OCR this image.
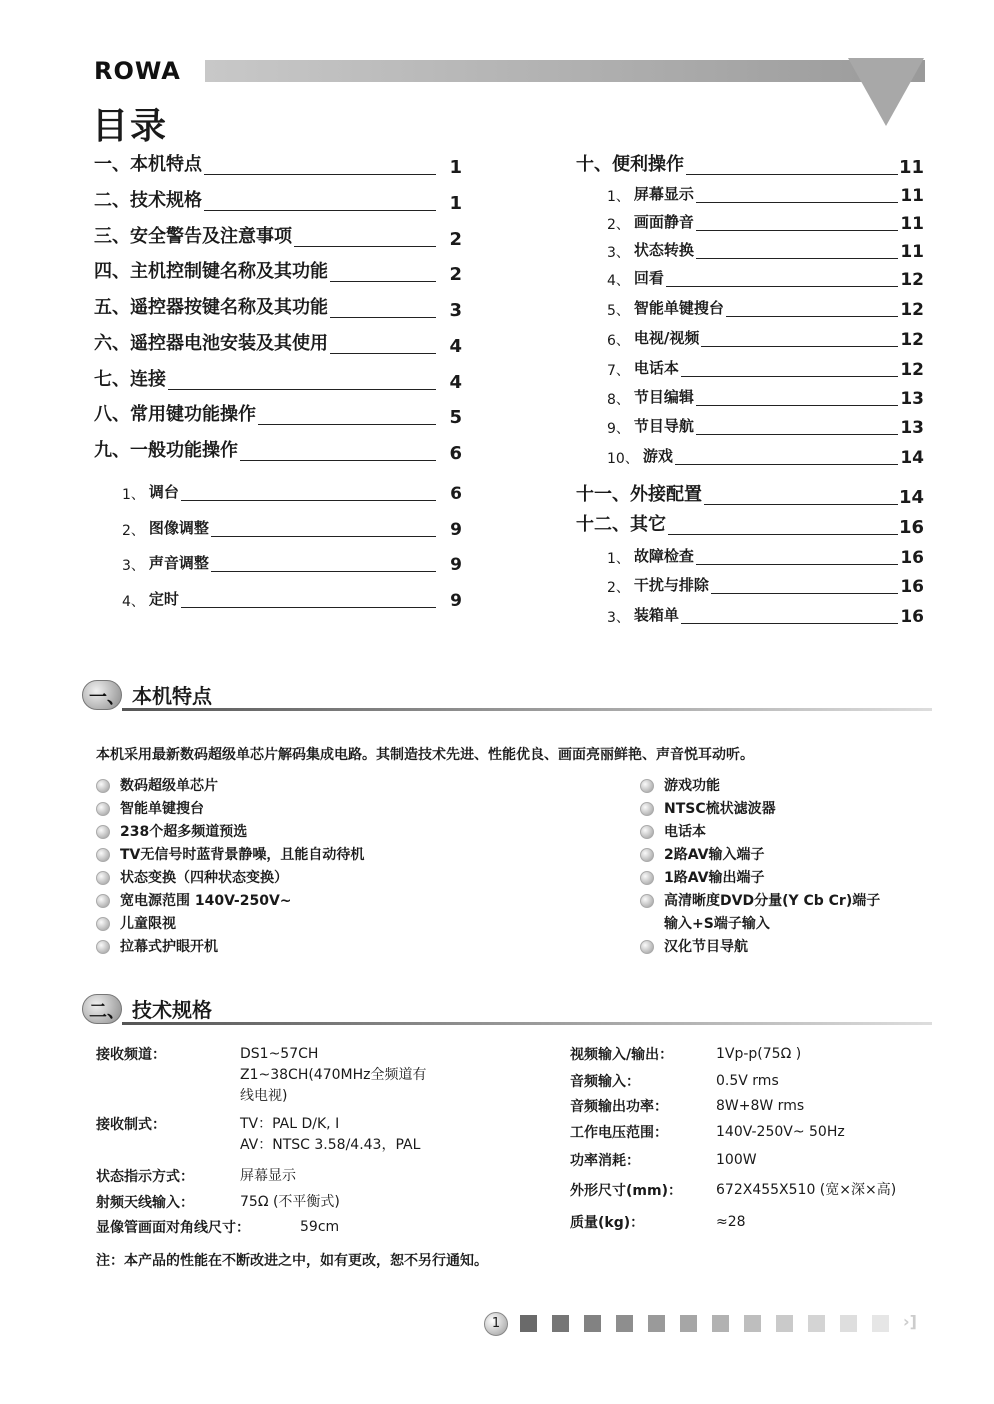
ROWA
目录
一、本机特点	1
二、技术规格	1
三、安全警告及注意事项	2
四、主机控制键名称及其功能	2
五、遥控器按键名称及其功能	3
六、遥控器电池安装及其使用	4
七、连接	4
八、常用键功能操作	5
九、一般功能操作	6
1、 调台	6
2、 图像调整	9
3、 声音调整	9
4、 定时	9
十、便利操作	11
1、 屏幕显示	11
2、 画面静音	11
3、 状态转换	11
4、 回看	12
5、 智能单键搜台	12
6、 电视/视频	12
7、 电话本	12
8、 节目编辑	13
9、 节目导航	13
10、 游戏	14
十一、外接配置	14
十二、其它	16
1、 故障检查	16
2、 干扰与排除	16
3、 装箱单	16
一、 本机特点
本机采用最新数码超级单芯片解码集成电路。其制造技术先进、性能优良、画面亮丽鲜艳、声音悦耳动听。
数码超级单芯片
智能单键搜台
238个超多频道预选
TV无信号时蓝背景静噪，且能自动待机
状态变换（四种状态变换）
宽电源范围 140V-250V~
儿童限视
拉幕式护眼开机
游戏功能
NTSC梳状滤波器
电话本
2路AV输入端子
1路AV输出端子
高清晰度DVD分量(Y Cb Cr)端子
输入+S端子输入
汉化节目导航
二、 技术规格
接收频道：	DS1~57CH
Z1~38CH(470MHz全频道有
线电视)
接收制式：	TV：PAL D/K, I
AV：NTSC 3.58/4.43，PAL
状态指示方式：	屏幕显示
射频天线输入：	75Ω (不平衡式)
显像管画面对角线尺寸：	59cm
视频输入/输出：	1Vp-p(75Ω )
音频输入：	0.5V rms
音频输出功率：	8W+8W rms
工作电压范围：	140V-250V~ 50Hz
功率消耗：	100W
外形尺寸(mm)： 672X455X510 (宽×深×高)
质量(kg)：	≈28
注：本产品的性能在不断改进之中，如有更改，恕不另行通知。
1	›]
